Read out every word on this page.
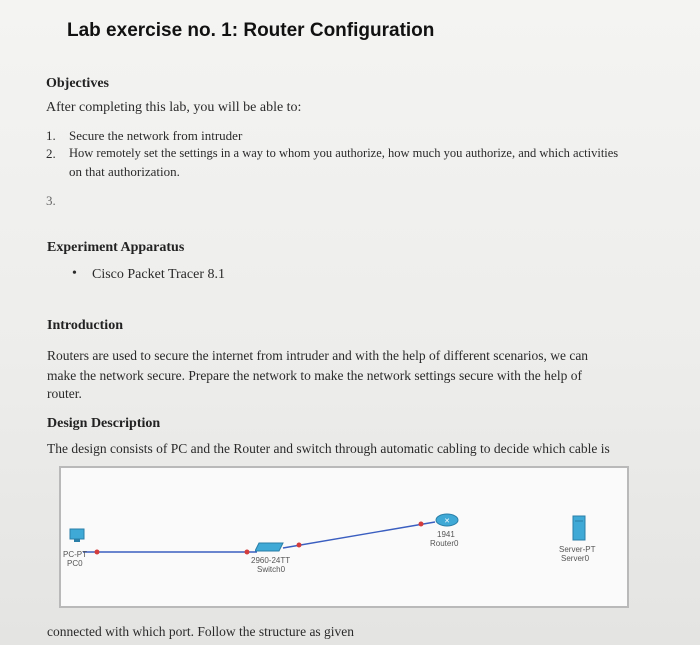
Lab exercise no. 1: Router Configuration
Objectives
After completing this lab, you will be able to:
1. Secure the network from intruder
2. How remotely set the settings in a way to whom you authorize, how much you authorize, and which activities
on that authorization.
3.
Experiment Apparatus
• Cisco Packet Tracer 8.1
Introduction
Routers are used to secure the internet from intruder and with the help of different scenarios, we can
make the network secure. Prepare the network to make the network settings secure with the help of
router.
Design Description
The design consists of PC and the Router and switch through automatic cabling to decide which cable is
PC-PT
PC0	2960-24TT
Switch0
✕
1941
Router0
Server-PT
Server0
connected with which port. Follow the structure as given
